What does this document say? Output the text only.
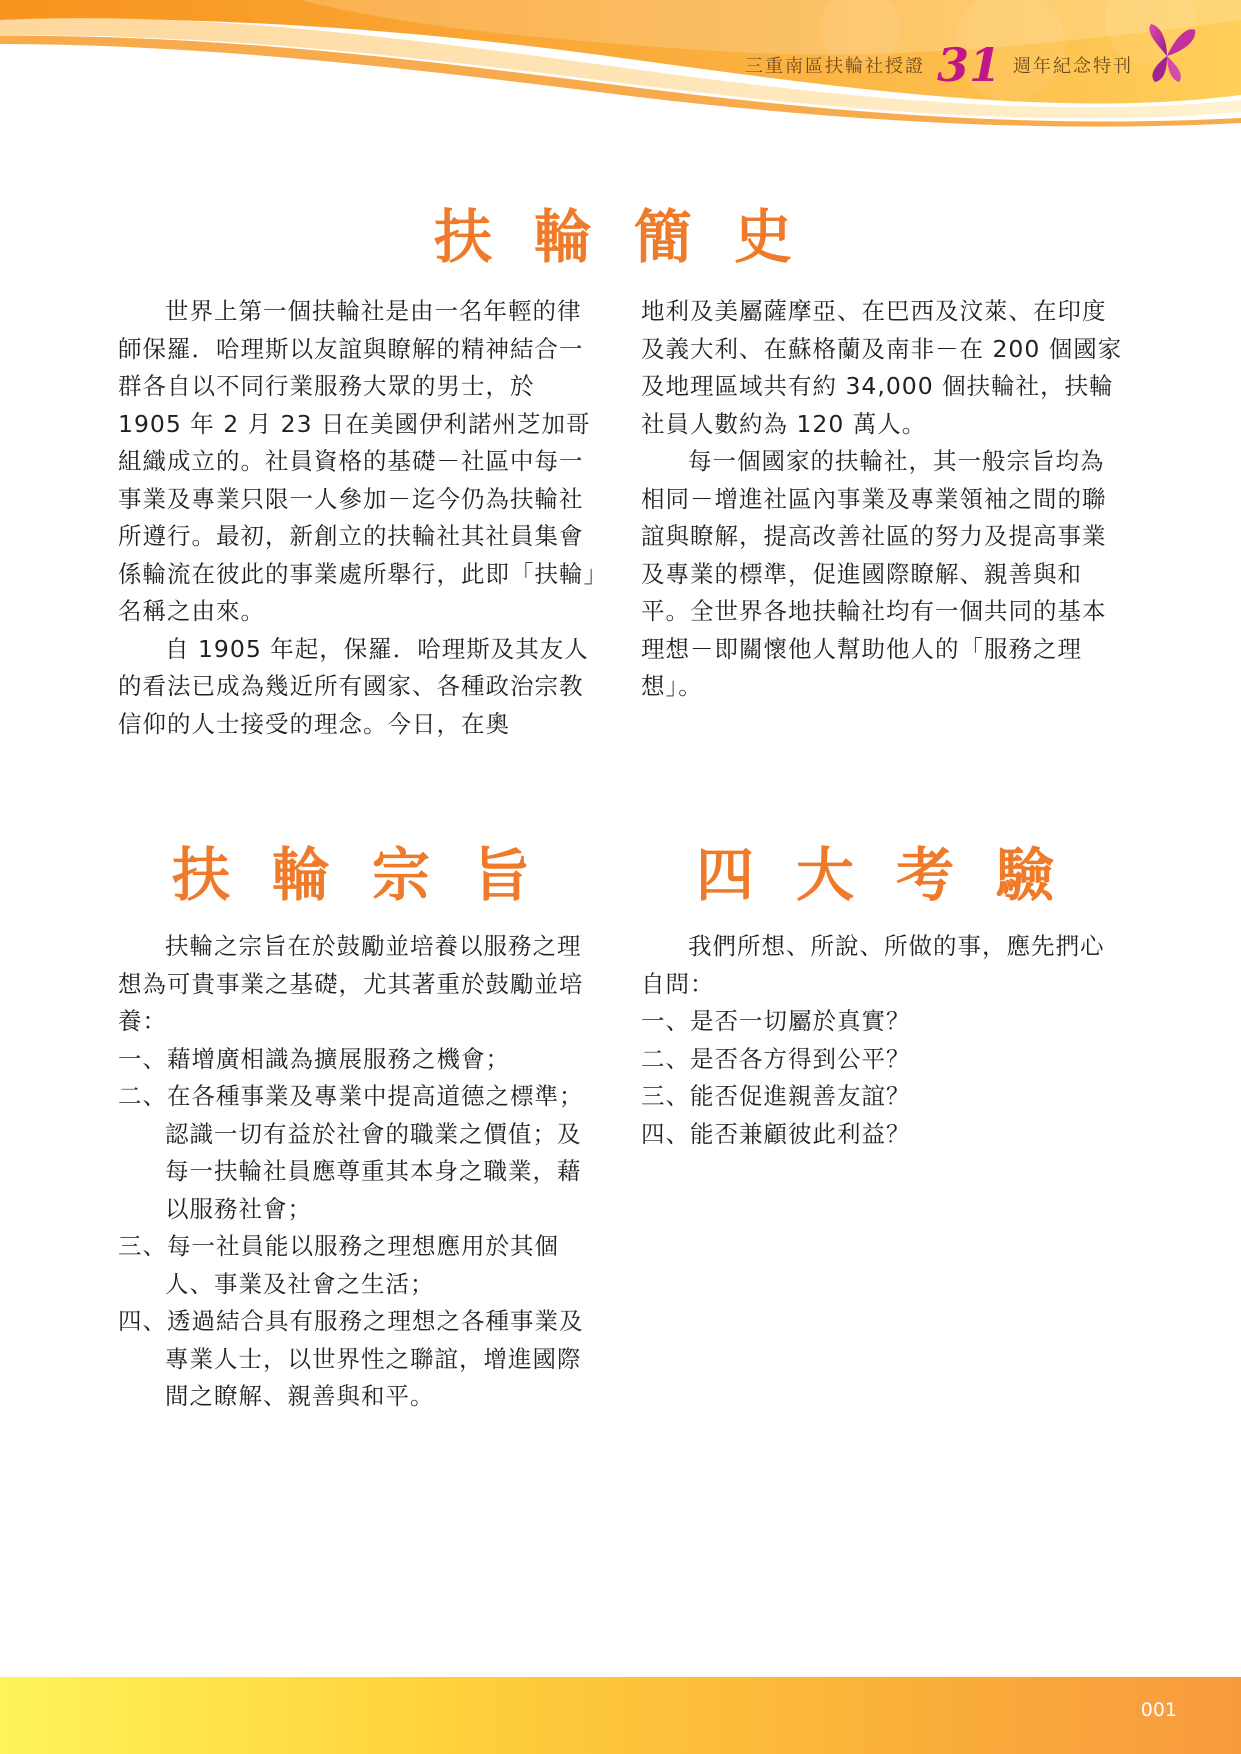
三重南區扶輪社授證 31 週年紀念特刊
扶輪簡史

世界上第一個扶輪社是由一名年輕的律師保羅．哈理斯以友誼與瞭解的精神結合一群各自以不同行業服務大眾的男士，於 1905 年 2 月 23 日在美國伊利諾州芝加哥組織成立的。社員資格的基礎－社區中每一事業及專業只限一人參加－迄今仍為扶輪社所遵行。最初，新創立的扶輪社其社員集會係輪流在彼此的事業處所舉行，此即「扶輪」名稱之由來。

自 1905 年起，保羅．哈理斯及其友人的看法已成為幾近所有國家、各種政治宗教信仰的人士接受的理念。今日，在奧

地利及美屬薩摩亞、在巴西及汶萊、在印度及義大利、在蘇格蘭及南非－在 200 個國家及地理區域共有約 34,000 個扶輪社，扶輪社員人數約為 120 萬人。

每一個國家的扶輪社，其一般宗旨均為相同－增進社區內事業及專業領袖之間的聯誼與瞭解，提高改善社區的努力及提高事業及專業的標準，促進國際瞭解、親善與和平。全世界各地扶輪社均有一個共同的基本理想－即關懷他人幫助他人的「服務之理想」。

扶輪宗旨

扶輪之宗旨在於鼓勵並培養以服務之理想為可貴事業之基礎，尤其著重於鼓勵並培養：

一、藉增廣相識為擴展服務之機會；

二、在各種事業及專業中提高道德之標準；認識一切有益於社會的職業之價值；及每一扶輪社員應尊重其本身之職業，藉以服務社會；

三、每一社員能以服務之理想應用於其個人、事業及社會之生活；

四、透過結合具有服務之理想之各種事業及專業人士，以世界性之聯誼，增進國際間之瞭解、親善與和平。

四大考驗

我們所想、所說、所做的事，應先捫心自問：

一、是否一切屬於真實？

二、是否各方得到公平？

三、能否促進親善友誼？

四、能否兼顧彼此利益？

001
